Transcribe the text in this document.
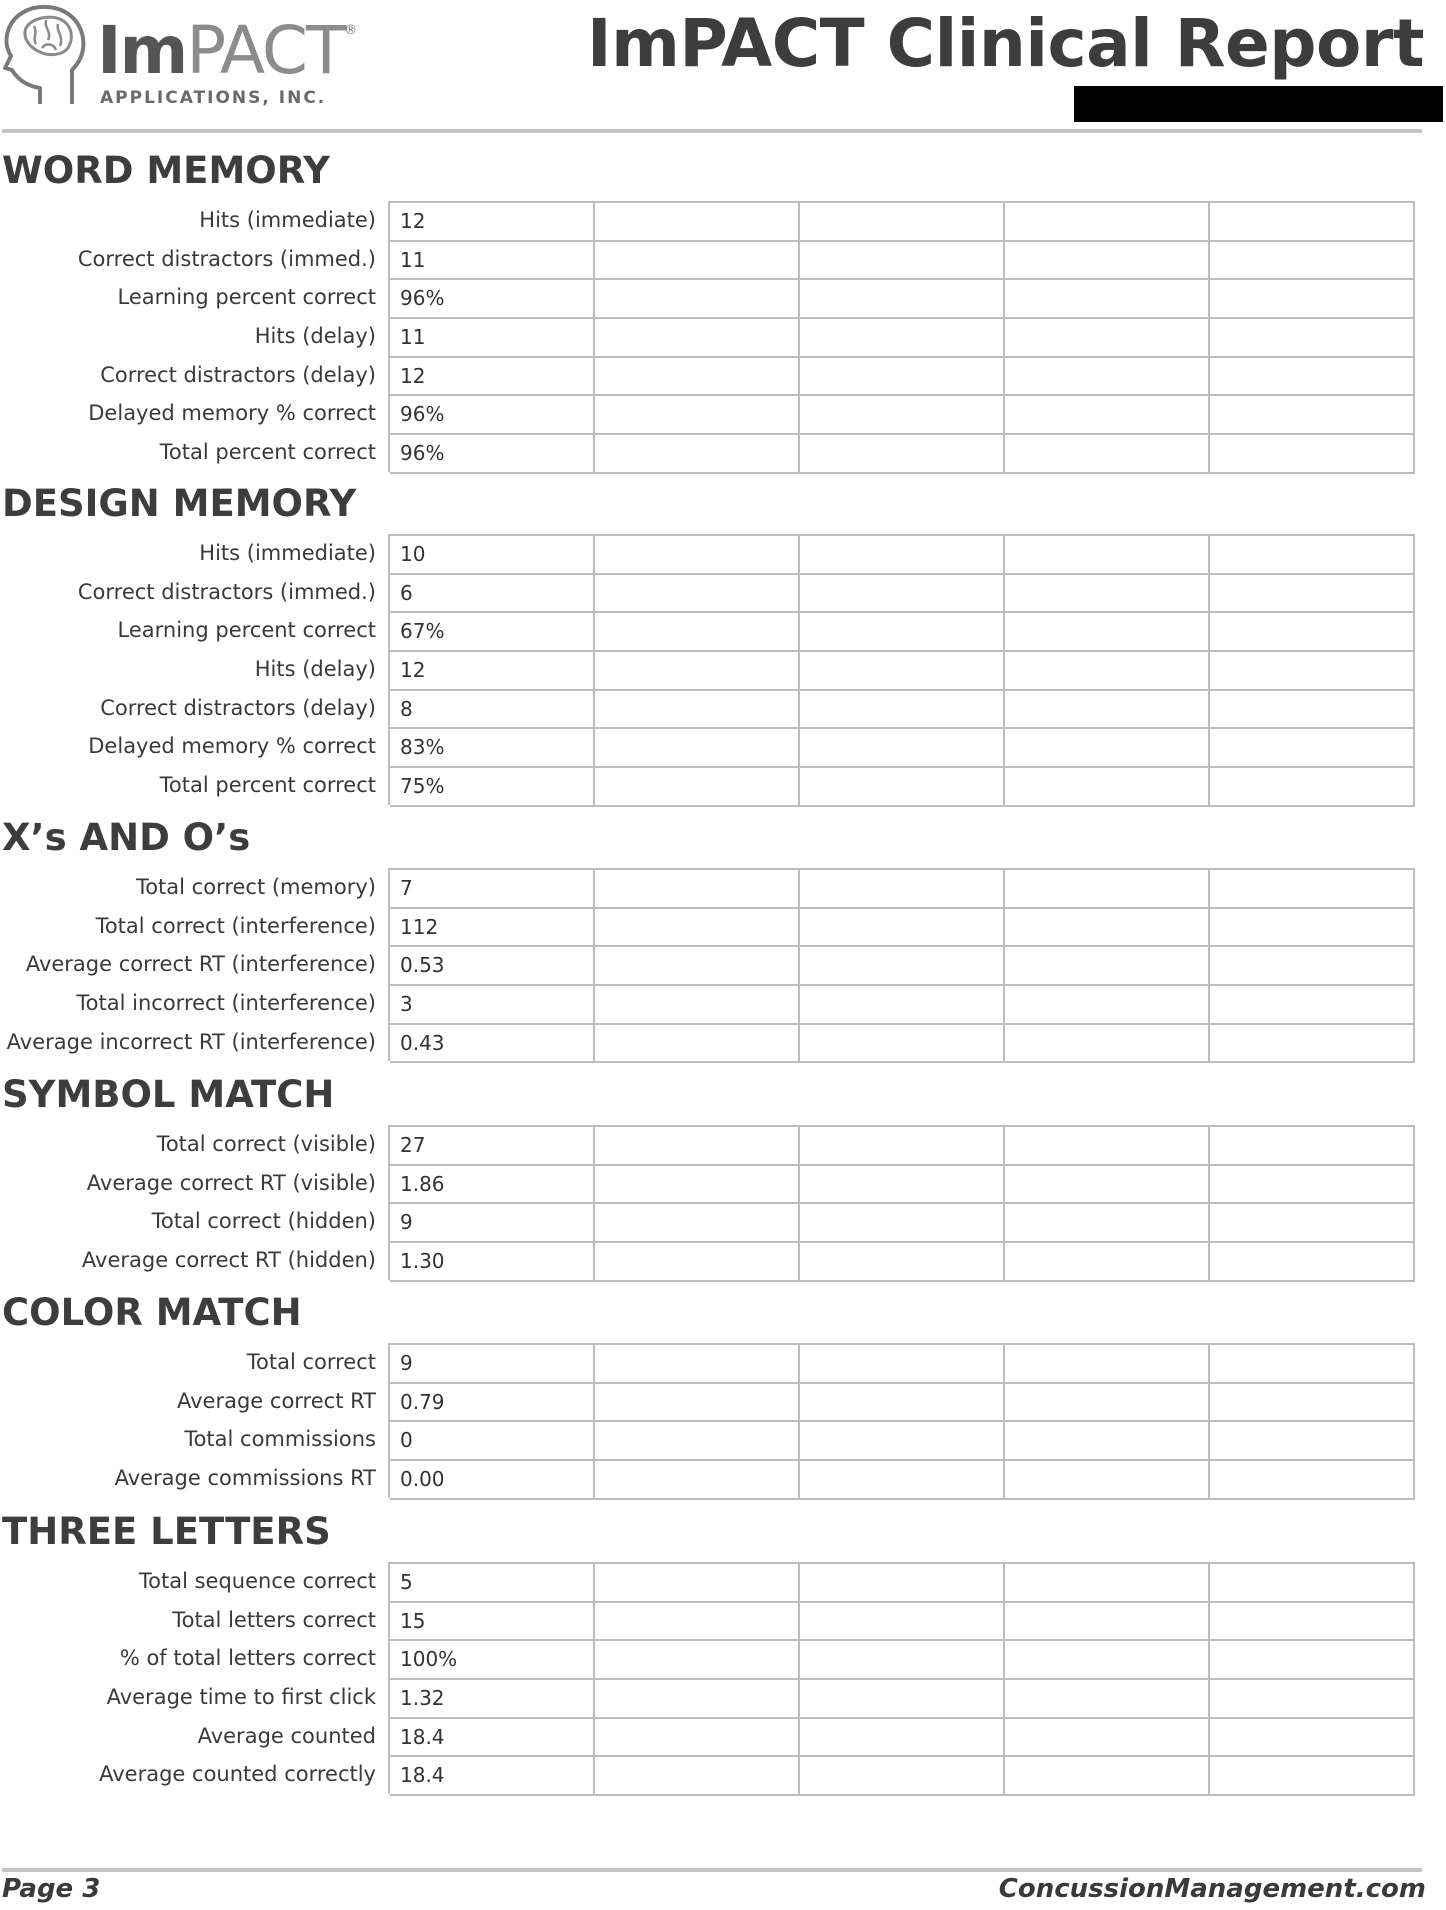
ImPACT®
APPLICATIONS, INC.
ImPACT Clinical Report
WORD MEMORY
Hits (immediate)	12
Correct distractors (immed.)	11
Learning percent correct	96%
Hits (delay)	11
Correct distractors (delay)	12
Delayed memory % correct	96%
Total percent correct	96%
DESIGN MEMORY
Hits (immediate)	10
Correct distractors (immed.)	6
Learning percent correct	67%
Hits (delay)	12
Correct distractors (delay)	8
Delayed memory % correct	83%
Total percent correct	75%
X’s AND O’s
Total correct (memory)	7
Total correct (interference)	112
Average correct RT (interference)	0.53
Total incorrect (interference)	3
Average incorrect RT (interference)	0.43
SYMBOL MATCH
Total correct (visible)	27
Average correct RT (visible)	1.86
Total correct (hidden)	9
Average correct RT (hidden)	1.30
COLOR MATCH
Total correct	9
Average correct RT	0.79
Total commissions	0
Average commissions RT	0.00
THREE LETTERS
Total sequence correct	5
Total letters correct	15
% of total letters correct	100%
Average time to first click	1.32
Average counted	18.4
Average counted correctly	18.4
Page 3	ConcussionManagement.com
